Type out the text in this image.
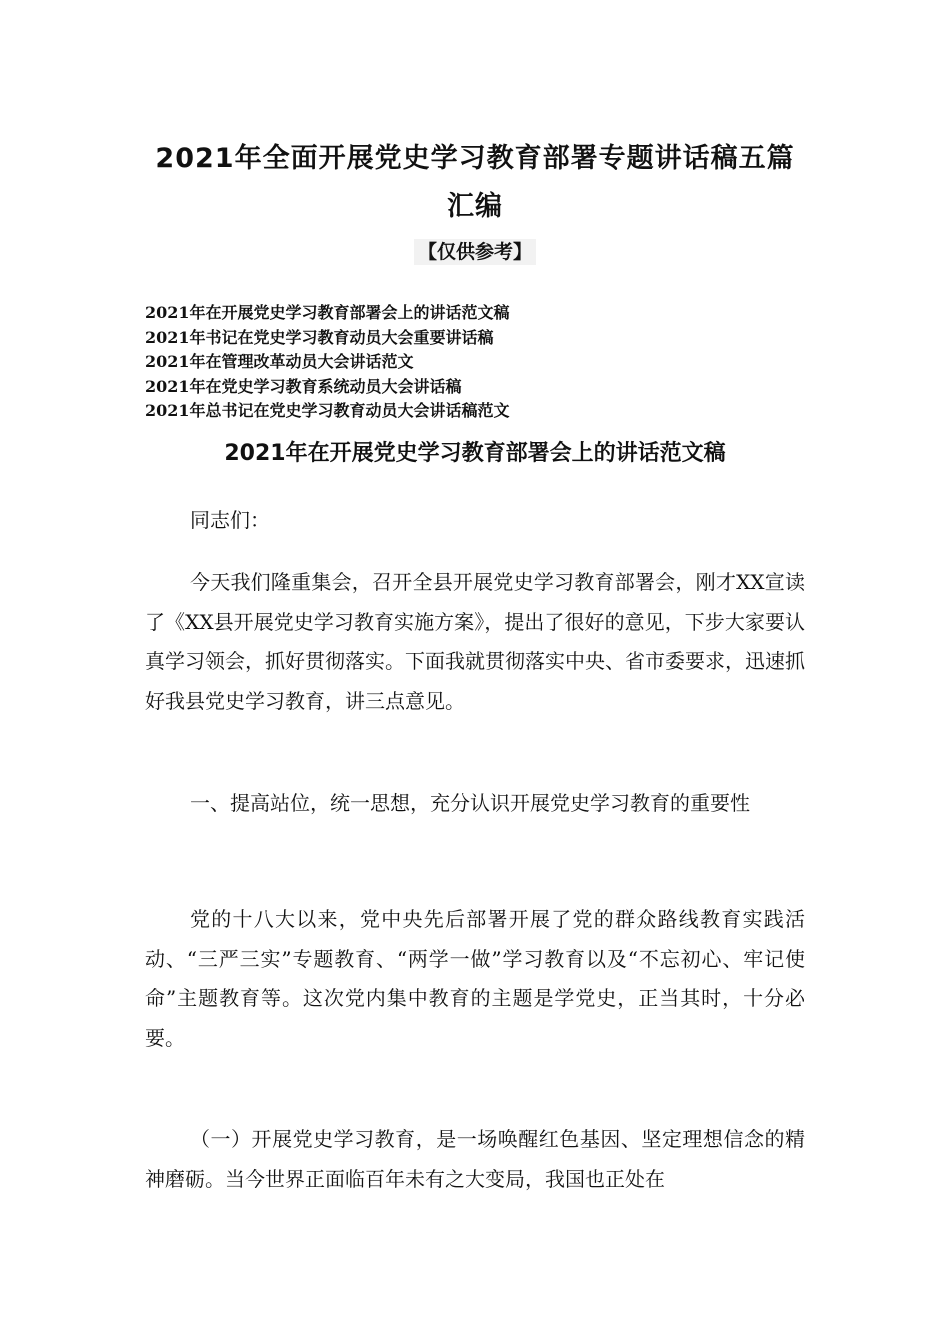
2021年全面开展党史学习教育部署专题讲话稿五篇
汇编
【仅供参考】
2021年在开展党史学习教育部署会上的讲话范文稿
2021年书记在党史学习教育动员大会重要讲话稿
2021年在管理改革动员大会讲话范文
2021年在党史学习教育系统动员大会讲话稿
2021年总书记在党史学习教育动员大会讲话稿范文
2021年在开展党史学习教育部署会上的讲话范文稿

同志们：

今天我们隆重集会，召开全县开展党史学习教育部署会，刚才XX宣读了《XX县开展党史学习教育实施方案》，提出了很好的意见，下步大家要认真学习领会，抓好贯彻落实。下面我就贯彻落实中央、省市委要求，迅速抓好我县党史学习教育，讲三点意见。

一、提高站位，统一思想，充分认识开展党史学习教育的重要性

党的十八大以来，党中央先后部署开展了党的群众路线教育实践活动、“三严三实”专题教育、“两学一做”学习教育以及“不忘初心、牢记使命”主题教育等。这次党内集中教育的主题是学党史，正当其时，十分必要。

（一）开展党史学习教育，是一场唤醒红色基因、坚定理想信念的精神磨砺。当今世界正面临百年未有之大变局，我国也正处在
